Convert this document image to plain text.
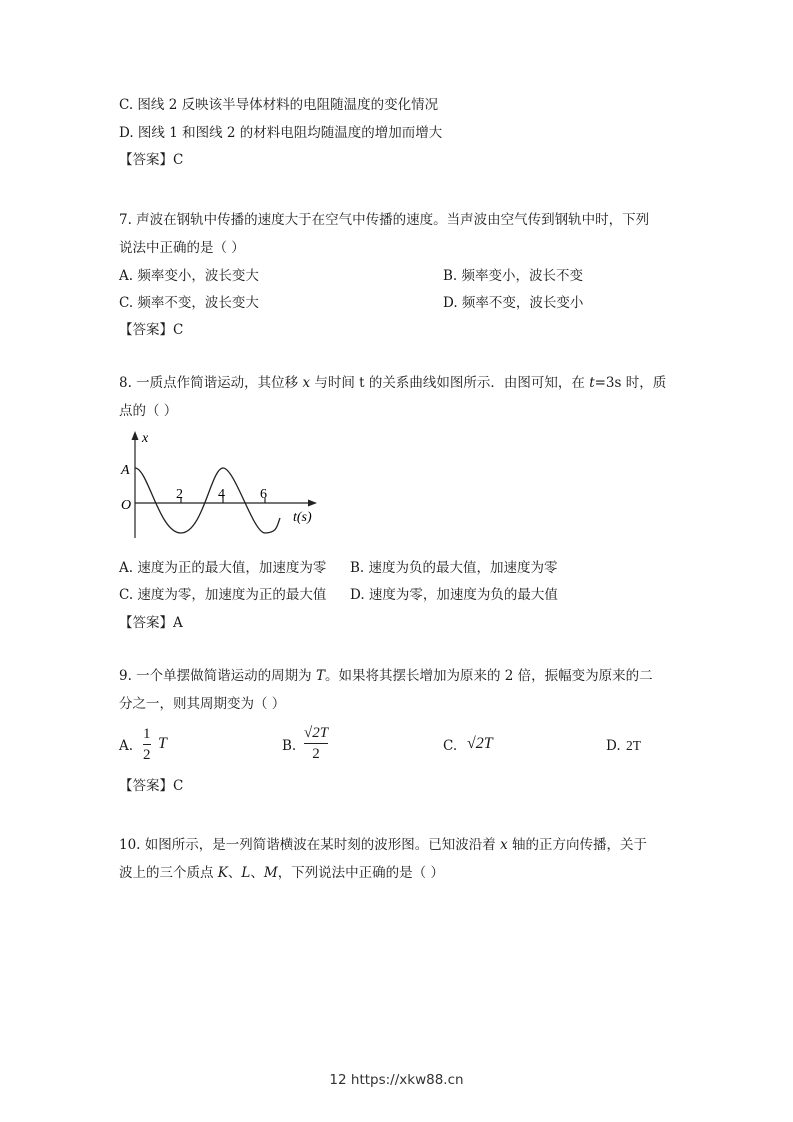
C. 图线 2 反映该半导体材料的电阻随温度的变化情况
D. 图线 1 和图线 2 的材料电阻均随温度的增加而增大
【答案】C
7. 声波在钢轨中传播的速度大于在空气中传播的速度。当声波由空气传到钢轨中时，下列
说法中正确的是（ ）
A. 频率变小，波长变大	B. 频率变小，波长不变
C. 频率不变，波长变大	D. 频率不变，波长变小
【答案】C
8. 一质点作简谐运动，其位移 x 与时间 t 的关系曲线如图所示．由图可知，在 t=3s 时，质
点的（ ）
x
A
O
2	4	6
t(s)
A. 速度为正的最大值，加速度为零 B. 速度为负的最大值，加速度为零
C. 速度为零，加速度为正的最大值 D. 速度为零，加速度为负的最大值
【答案】A
9. 一个单摆做简谐运动的周期为 T。如果将其摆长增加为原来的 2 倍，振幅变为原来的二
分之一，则其周期变为（ ）
A.
1
2
T	B.
√2T
2	C. √2T	D. 2T
【答案】C
10. 如图所示，是一列简谐横波在某时刻的波形图。已知波沿着 x 轴的正方向传播，关于
波上的三个质点 K、L、M，下列说法中正确的是（ ）
12 https://xkw88.cn
